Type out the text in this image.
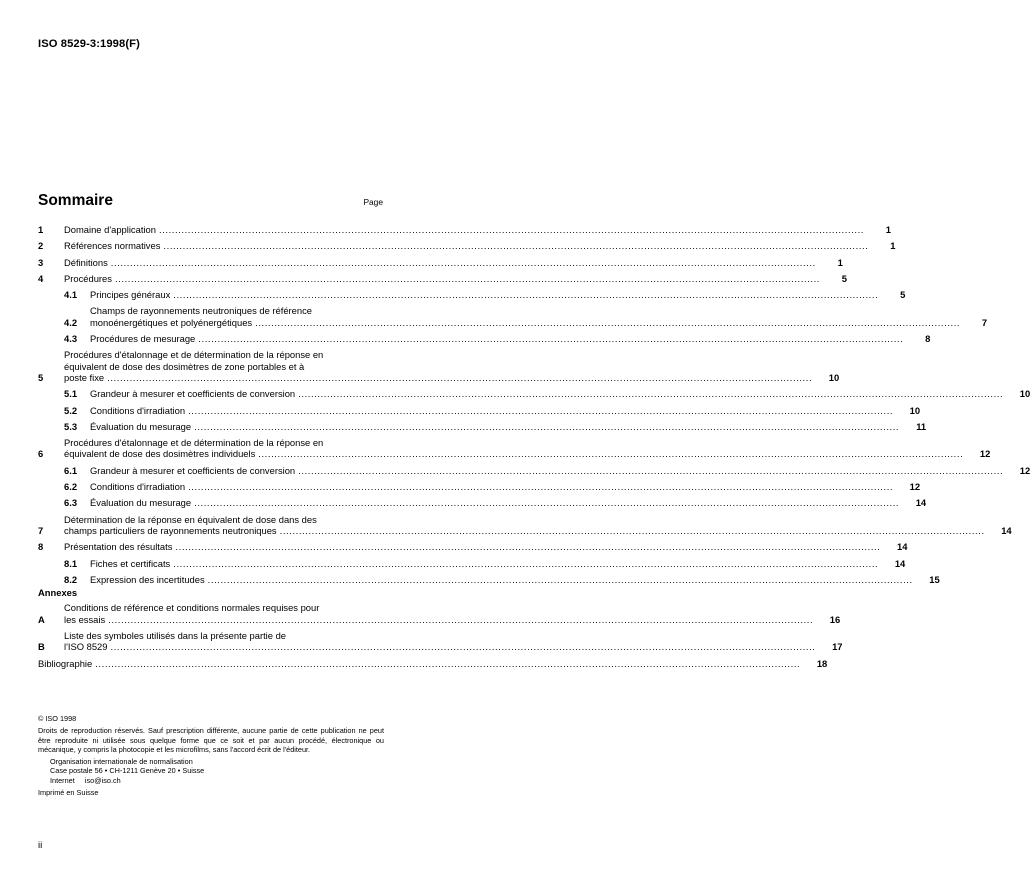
ISO 8529-3:1998(F)
Sommaire	Page
1	Domaine d'application ............................................................................................................................................................................................................................	1
2	Références normatives ............................................................................................................................................................................................................................	1
3	Définitions ............................................................................................................................................................................................................................	1
4	Procédures ............................................................................................................................................................................................................................	5
4.1	Principes généraux ............................................................................................................................................................................................................................	5
4.2
Champs de rayonnements neutroniques de référence
monoénergétiques et polyénergétiques ............................................................................................................................................................................................................................	7
4.3	Procédures de mesurage ............................................................................................................................................................................................................................	8
5
Procédures d'étalonnage et de détermination de la réponse en
équivalent de dose des dosimètres de zone portables et à
poste fixe ............................................................................................................................................................................................................................	10
5.1	Grandeur à mesurer et coefficients de conversion ............................................................................................................................................................................................................................	10
5.2	Conditions d'irradiation ............................................................................................................................................................................................................................	10
5.3	Évaluation du mesurage ............................................................................................................................................................................................................................	11
6
Procédures d'étalonnage et de détermination de la réponse en
équivalent de dose des dosimètres individuels ............................................................................................................................................................................................................................	12
6.1	Grandeur à mesurer et coefficients de conversion ............................................................................................................................................................................................................................	12
6.2	Conditions d'irradiation ............................................................................................................................................................................................................................	12
6.3	Évaluation du mesurage ............................................................................................................................................................................................................................	14
7
Détermination de la réponse en équivalent de dose dans des
champs particuliers de rayonnements neutroniques ............................................................................................................................................................................................................................	14
8	Présentation des résultats ............................................................................................................................................................................................................................	14
8.1	Fiches et certificats ............................................................................................................................................................................................................................	14
8.2	Expression des incertitudes ............................................................................................................................................................................................................................	15
Annexes
A
Conditions de référence et conditions normales requises pour
les essais ............................................................................................................................................................................................................................	16
B
Liste des symboles utilisés dans la présente partie de
l'ISO 8529 ............................................................................................................................................................................................................................	17
Bibliographie ............................................................................................................................................................................................................................	18
© ISO 1998
Droits de reproduction réservés. Sauf prescription différente, aucune partie de cette publication ne peut être reproduite ni utilisée sous quelque forme que ce soit et par aucun procédé, électronique ou mécanique, y compris la photocopie et les microfilms, sans l'accord écrit de l'éditeur.
Organisation internationale de normalisation
Case postale 56 • CH-1211 Genève 20 • Suisse
Internet     iso@iso.ch
Imprimé en Suisse
ii
